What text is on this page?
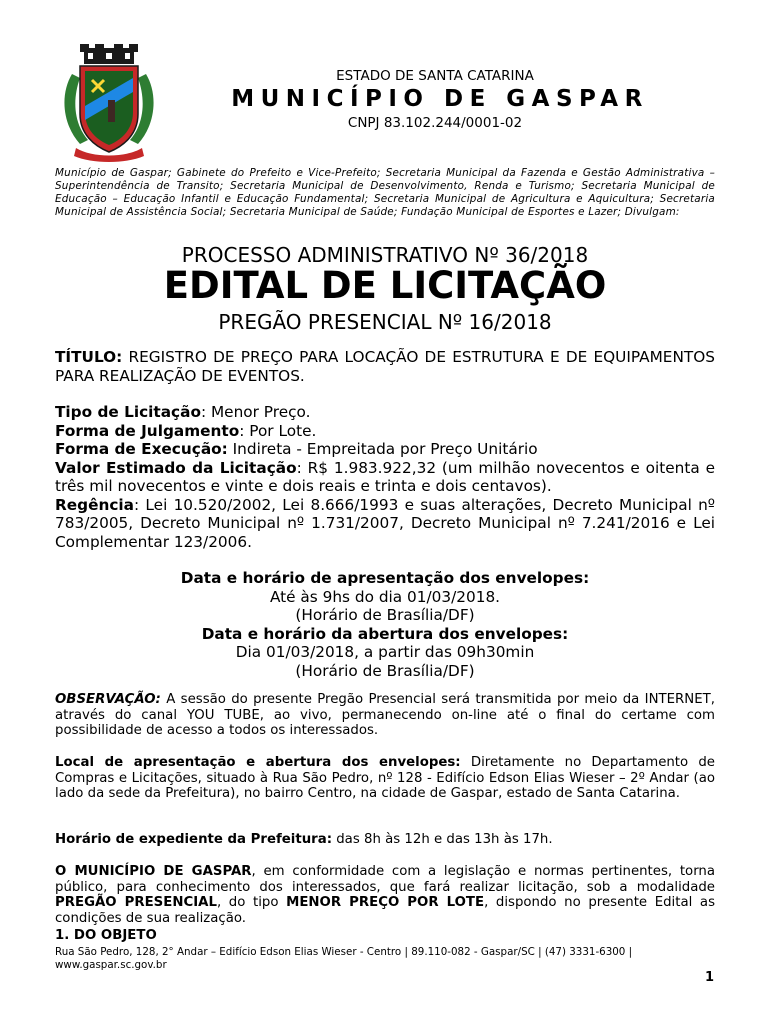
ESTADO DE SANTA CATARINA
MUNICÍPIO DE GASPAR
CNPJ 83.102.244/0001-02
Município de Gaspar; Gabinete do Prefeito e Vice-Prefeito; Secretaria Municipal da Fazenda e Gestão Administrativa – Superintendência de Transito; Secretaria Municipal de Desenvolvimento, Renda e Turismo; Secretaria Municipal de Educação – Educação Infantil e Educação Fundamental; Secretaria Municipal de Agricultura e Aquicultura; Secretaria Municipal de Assistência Social; Secretaria Municipal de Saúde; Fundação Municipal de Esportes e Lazer; Divulgam:
PROCESSO ADMINISTRATIVO Nº 36/2018
EDITAL DE LICITAÇÃO
PREGÃO PRESENCIAL Nº 16/2018
TÍTULO: REGISTRO DE PREÇO PARA LOCAÇÃO DE ESTRUTURA E DE EQUIPAMENTOS PARA REALIZAÇÃO DE EVENTOS.
Tipo de Licitação: Menor Preço.
Forma de Julgamento: Por Lote.
Forma de Execução: Indireta - Empreitada por Preço Unitário
Valor Estimado da Licitação: R$ 1.983.922,32 (um milhão novecentos e oitenta e três mil novecentos e vinte e dois reais e trinta e dois centavos).
Regência: Lei 10.520/2002, Lei 8.666/1993 e suas alterações, Decreto Municipal nº 783/2005, Decreto Municipal nº 1.731/2007, Decreto Municipal nº 7.241/2016 e Lei Complementar 123/2006.
Data e horário de apresentação dos envelopes:
Até às 9hs do dia 01/03/2018.
(Horário de Brasília/DF)
Data e horário da abertura dos envelopes:
Dia 01/03/2018, a partir das 09h30min
(Horário de Brasília/DF)
OBSERVAÇÃO: A sessão do presente Pregão Presencial será transmitida por meio da INTERNET, através do canal YOU TUBE, ao vivo, permanecendo on-line até o final do certame com possibilidade de acesso a todos os interessados.
Local de apresentação e abertura dos envelopes: Diretamente no Departamento de Compras e Licitações, situado à Rua São Pedro, nº 128 - Edifício Edson Elias Wieser – 2º Andar (ao lado da sede da Prefeitura), no bairro Centro, na cidade de Gaspar, estado de Santa Catarina.
Horário de expediente da Prefeitura: das 8h às 12h e das 13h às 17h.
O MUNICÍPIO DE GASPAR, em conformidade com a legislação e normas pertinentes, torna público, para conhecimento dos interessados, que fará realizar licitação, sob a modalidade PREGÃO PRESENCIAL, do tipo MENOR PREÇO POR LOTE, dispondo no presente Edital as condições de sua realização.
1. DO OBJETO
Rua São Pedro, 128, 2° Andar – Edifício Edson Elias Wieser - Centro | 89.110-082 - Gaspar/SC | (47) 3331-6300 |
www.gaspar.sc.gov.br
1
